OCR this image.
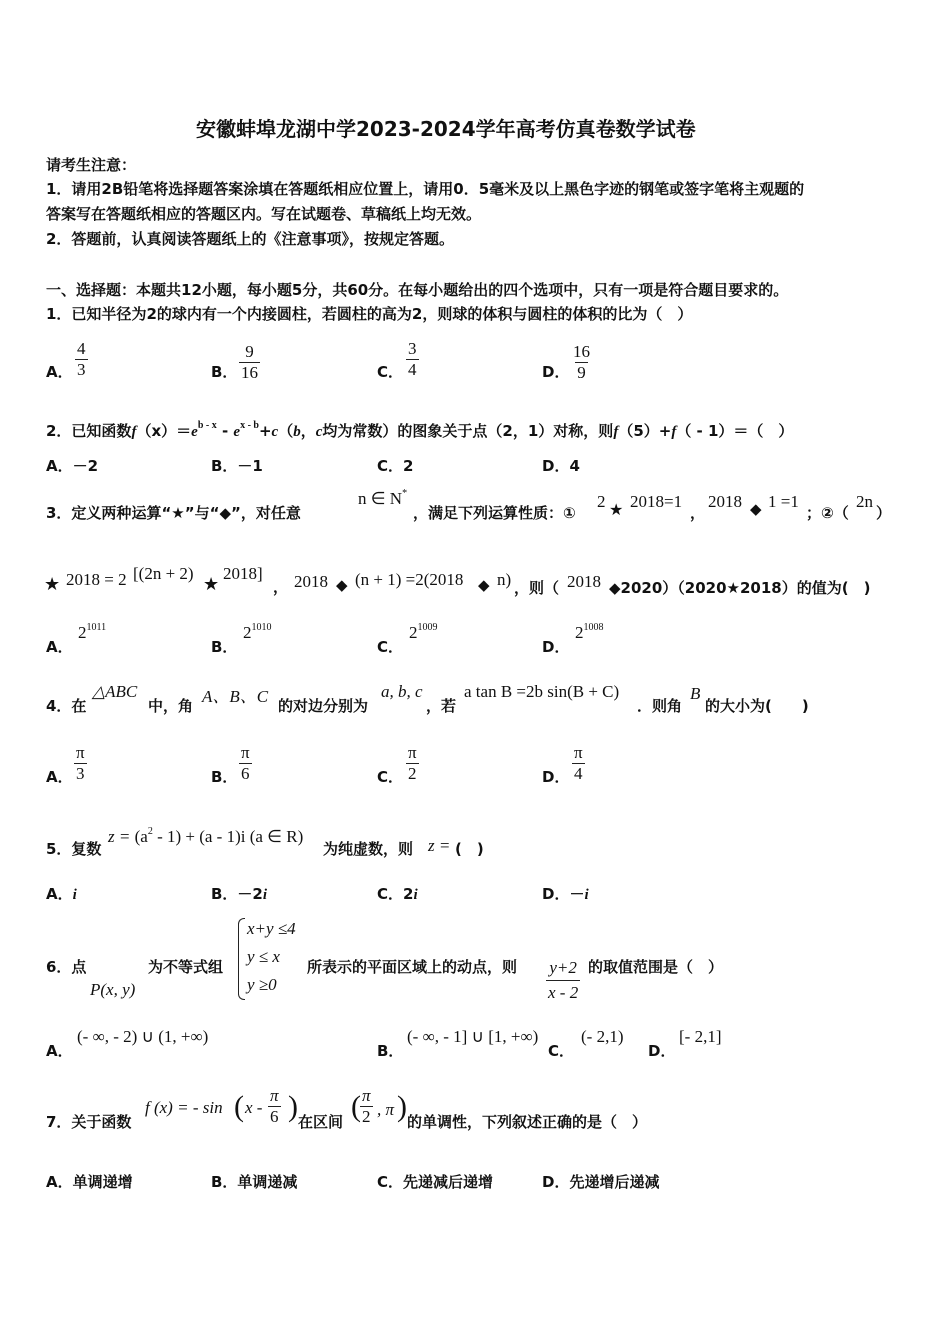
安徽蚌埠龙湖中学2023-2024学年高考仿真卷数学试卷
请考生注意：
1．请用2B铅笔将选择题答案涂填在答题纸相应位置上，请用0．5毫米及以上黑色字迹的钢笔或签字笔将主观题的
答案写在答题纸相应的答题区内。写在试题卷、草稿纸上均无效。
2．答题前，认真阅读答题纸上的《注意事项》，按规定答题。
一、选择题：本题共12小题，每小题5分，共60分。在每小题给出的四个选项中，只有一项是符合题目要求的。
1．已知半径为2的球内有一个内接圆柱，若圆柱的高为2，则球的体积与圆柱的体积的比为（　）
A． $\frac{4}{3}$	B． $\frac{9}{16}$	C． $\frac{3}{4}$	D． $\frac{16}{9}$
2．已知函数$f(x)=e^{b - x} - e^{x - b}+c(b$，c均为常数）的图象关于点（2，1）对称，则f（5）+f（ - 1）＝（　）
A．－2	B．－1	C．2	D．4
3．定义两种运算“★”与“◆”，对任意
n ∈ N*
，满足下列运算性质：①
2 ★ 2018=1
，
2018 ◆ 1 =1
；②（
2n
）
★ 2018 = 2 [(2n + 2)
★
2018]
， 2018 ◆ (n + 1) =2(2018 ◆ n) ，则（ 2018 ◆2020）（2020★2018）的值为(　)
A．
$2^{1011}$
B．
$2^{1010}$
C．
$2^{1009}$
D．
$2^{1008}$
4．在
△ABC
中，角 A、B、C 的对边分别为
a, b, c
，若
a tan B =2b sin(B + C)
．则角
B
的大小为(　　)
A． $\frac{\pi}{3}$	B． $\frac{\pi}{6}$	C． $\frac{\pi}{2}$	D． $\frac{\pi}{4}$
5．复数
$z = (a^2 - 1) + (a - 1)i$ (a ∈ R)
为纯虚数，则 z = (　)
A．i	B．－2i	C．2i	D．－i
6．点
P(x, y)
为不等式组
x+y ≤4
y ≤ x
y ≥0
所表示的平面区域上的动点，则 $\frac{y+2}{x - 2}$ 的取值范围是（　）
A．
(- ∞, - 2) ∪ (1, +∞)
B．
(- ∞, - 1] ∪ [1, +∞)
C．
(- 2,1)
D．
[- 2,1]
7．关于函数
f (x) = - sin ( x - $\frac{\pi}{6}$ ) 在区间 ( $\frac{\pi}{2}$ , π ) 的单调性，下列叙述正确的是（　）
A．单调递增	B．单调递减	C．先递减后递增	D．先递增后递减
